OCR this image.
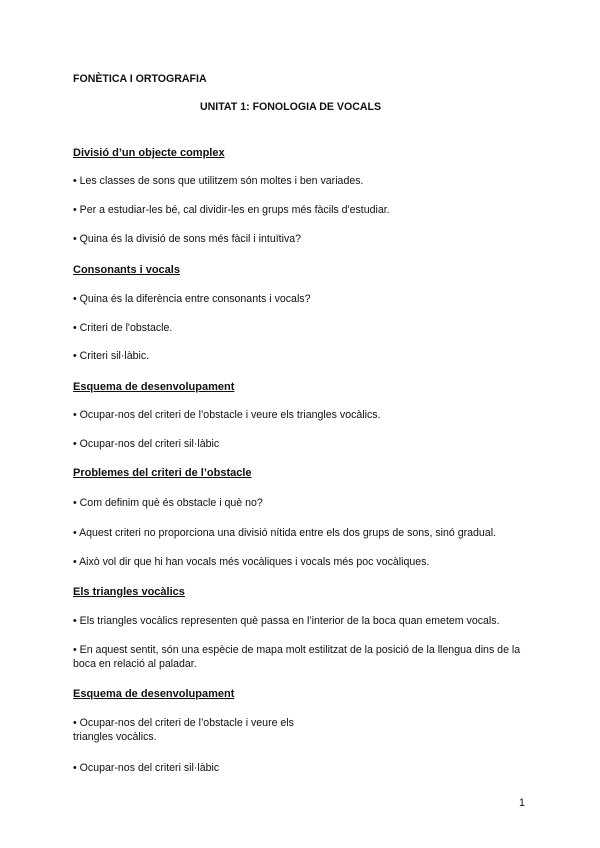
FONÈTICA I ORTOGRAFIA
UNITAT 1: FONOLOGIA DE VOCALS
Divisió d’un objecte complex
• Les classes de sons que utilitzem són moltes i ben variades.
• Per a estudiar-les bé, cal dividir-les en grups més fàcils d'estudiar.
• Quina és la divisió de sons més fàcil i intuïtiva?
Consonants i vocals
• Quina és la diferència entre consonants i vocals?
• Criteri de l'obstacle.
• Criteri sil·làbic.
Esquema de desenvolupament
• Ocupar-nos del criteri de l’obstacle i veure els triangles vocàlics.
• Ocupar-nos del criteri sil·làbic
Problemes del criteri de l’obstacle
• Com definim què és obstacle i què no?
• Aquest criteri no proporciona una divisió nítida entre els dos grups de sons, sinó gradual.
• Això vol dir que hi han vocals més vocàliques i vocals més poc vocàliques.
Els triangles vocàlics
• Els triangles vocàlics representen què passa en l’interior de la boca quan emetem vocals.
• En aquest sentit, són una espècie de mapa molt estilitzat de la posició de la llengua dins de la boca en relació al paladar.
Esquema de desenvolupament
• Ocupar-nos del criteri de l’obstacle i veure els triangles vocàlics.
• Ocupar-nos del criteri sil·làbic
1
